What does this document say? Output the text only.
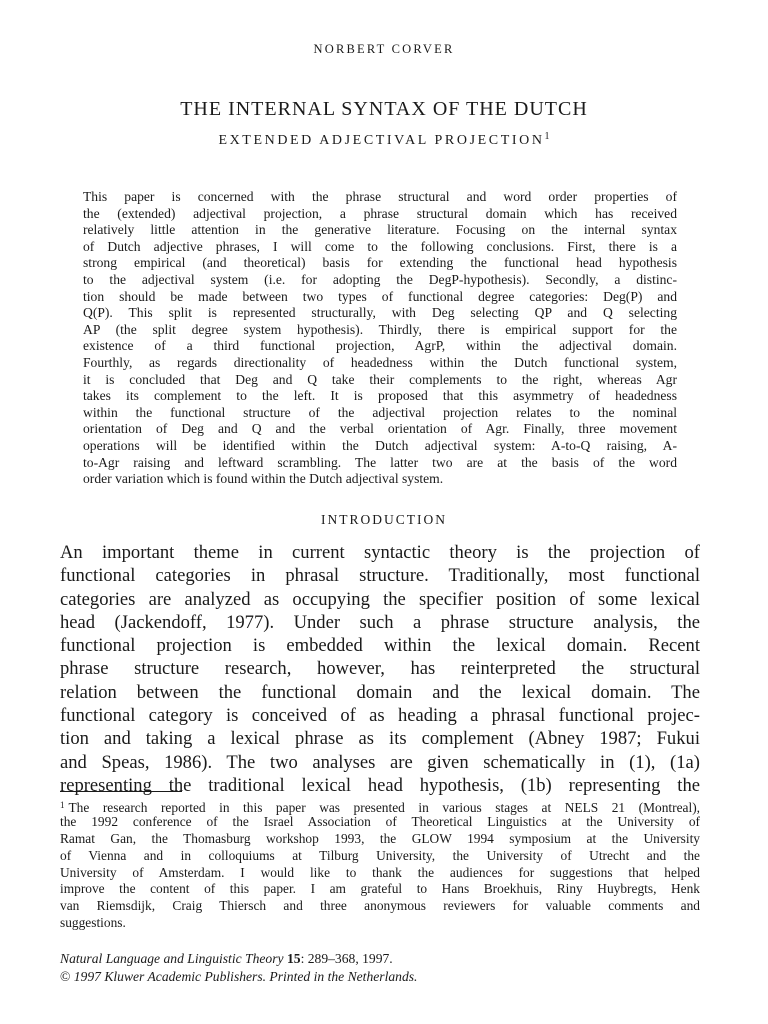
NORBERT CORVER
THE INTERNAL SYNTAX OF THE DUTCH
EXTENDED ADJECTIVAL PROJECTION$^1$
This paper is concerned with the phrase structural and word order properties of
the (extended) adjectival projection, a phrase structural domain which has received
relatively little attention in the generative literature. Focusing on the internal syntax
of Dutch adjective phrases, I will come to the following conclusions. First, there is a
strong empirical (and theoretical) basis for extending the functional head hypothesis
to the adjectival system (i.e. for adopting the DegP-hypothesis). Secondly, a distinc-
tion should be made between two types of functional degree categories: Deg(P) and
Q(P). This split is represented structurally, with Deg selecting QP and Q selecting
AP (the split degree system hypothesis). Thirdly, there is empirical support for the
existence of a third functional projection, AgrP, within the adjectival domain.
Fourthly, as regards directionality of headedness within the Dutch functional system,
it is concluded that Deg and Q take their complements to the right, whereas Agr
takes its complement to the left. It is proposed that this asymmetry of headedness
within the functional structure of the adjectival projection relates to the nominal
orientation of Deg and Q and the verbal orientation of Agr. Finally, three movement
operations will be identified within the Dutch adjectival system: A-to-Q raising, A-
to-Agr raising and leftward scrambling. The latter two are at the basis of the word
order variation which is found within the Dutch adjectival system.
INTRODUCTION
An important theme in current syntactic theory is the projection of
functional categories in phrasal structure. Traditionally, most functional
categories are analyzed as occupying the specifier position of some lexical
head (Jackendoff, 1977). Under such a phrase structure analysis, the
functional projection is embedded within the lexical domain. Recent
phrase structure research, however, has reinterpreted the structural
relation between the functional domain and the lexical domain. The
functional category is conceived of as heading a phrasal functional projec-
tion and taking a lexical phrase as its complement (Abney 1987; Fukui
and Speas, 1986). The two analyses are given schematically in (1), (1a)
representing the traditional lexical head hypothesis, (1b) representing the
$^1$ The research reported in this paper was presented in various stages at NELS 21 (Montreal),
the 1992 conference of the Israel Association of Theoretical Linguistics at the University of
Ramat Gan, the Thomasburg workshop 1993, the GLOW 1994 symposium at the University
of Vienna and in colloquiums at Tilburg University, the University of Utrecht and the
University of Amsterdam. I would like to thank the audiences for suggestions that helped
improve the content of this paper. I am grateful to Hans Broekhuis, Riny Huybregts, Henk
van Riemsdijk, Craig Thiersch and three anonymous reviewers for valuable comments and
suggestions.
Natural Language and Linguistic Theory 15: 289–368, 1997.
© 1997 Kluwer Academic Publishers. Printed in the Netherlands.
